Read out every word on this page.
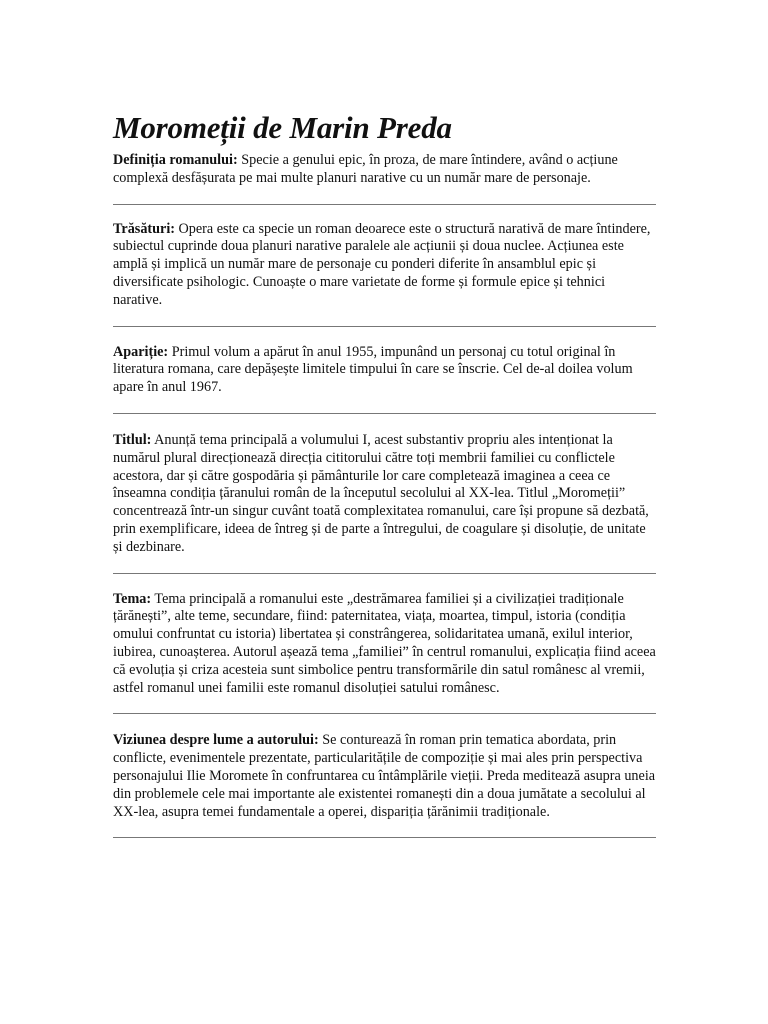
Moromeții de Marin Preda

Definiția romanului: Specie a genului epic, în proza, de mare întindere, având o acțiune complexă desfășurata pe mai multe planuri narative cu un număr mare de personaje.

Trăsături: Opera este ca specie un roman deoarece este o structură narativă de mare întindere, subiectul cuprinde doua planuri narative paralele ale acțiunii și doua nuclee. Acțiunea este amplă și implică un număr mare de personaje cu ponderi diferite în ansamblul epic și diversificate psihologic. Cunoaște o mare varietate de forme și formule epice și tehnici narative.

Apariție: Primul volum a apărut în anul 1955, impunând un personaj cu totul original în literatura romana, care depășește limitele timpului în care se înscrie. Cel de-al doilea volum apare în anul 1967.

Titlul: Anunță tema principală a volumului I, acest substantiv propriu ales intenționat la numărul plural direcționează direcția cititorului către toți membrii familiei cu conflictele acestora, dar și către gospodăria și pământurile lor care completează imaginea a ceea ce înseamna condiția țăranului român de la începutul secolului al XX-lea. Titlul „Moromeții” concentrează într-un singur cuvânt toată complexitatea romanului, care își propune să dezbată, prin exemplificare, ideea de întreg și de parte a întregului, de coagulare și disoluție, de unitate și dezbinare.

Tema: Tema principală a romanului este „destrămarea familiei și a civilizației tradiționale țărănești”, alte teme, secundare, fiind: paternitatea, viața, moartea, timpul, istoria (condiția omului confruntat cu istoria) libertatea și constrângerea, solidaritatea umană, exilul interior, iubirea, cunoașterea. Autorul așează tema „familiei” în centrul romanului, explicația fiind aceea că evoluția și criza acesteia sunt simbolice pentru transformările din satul românesc al vremii, astfel romanul unei familii este romanul disoluției satului românesc.

Viziunea despre lume a autorului: Se conturează în roman prin tematica abordata, prin conflicte, evenimentele prezentate, particularitățile de compoziție și mai ales prin perspectiva personajului Ilie Moromete în confruntarea cu întâmplările vieții. Preda meditează asupra uneia din problemele cele mai importante ale existentei romanești din a doua jumătate a secolului al XX-lea, asupra temei fundamentale a operei, dispariția țărănimii tradiționale.
